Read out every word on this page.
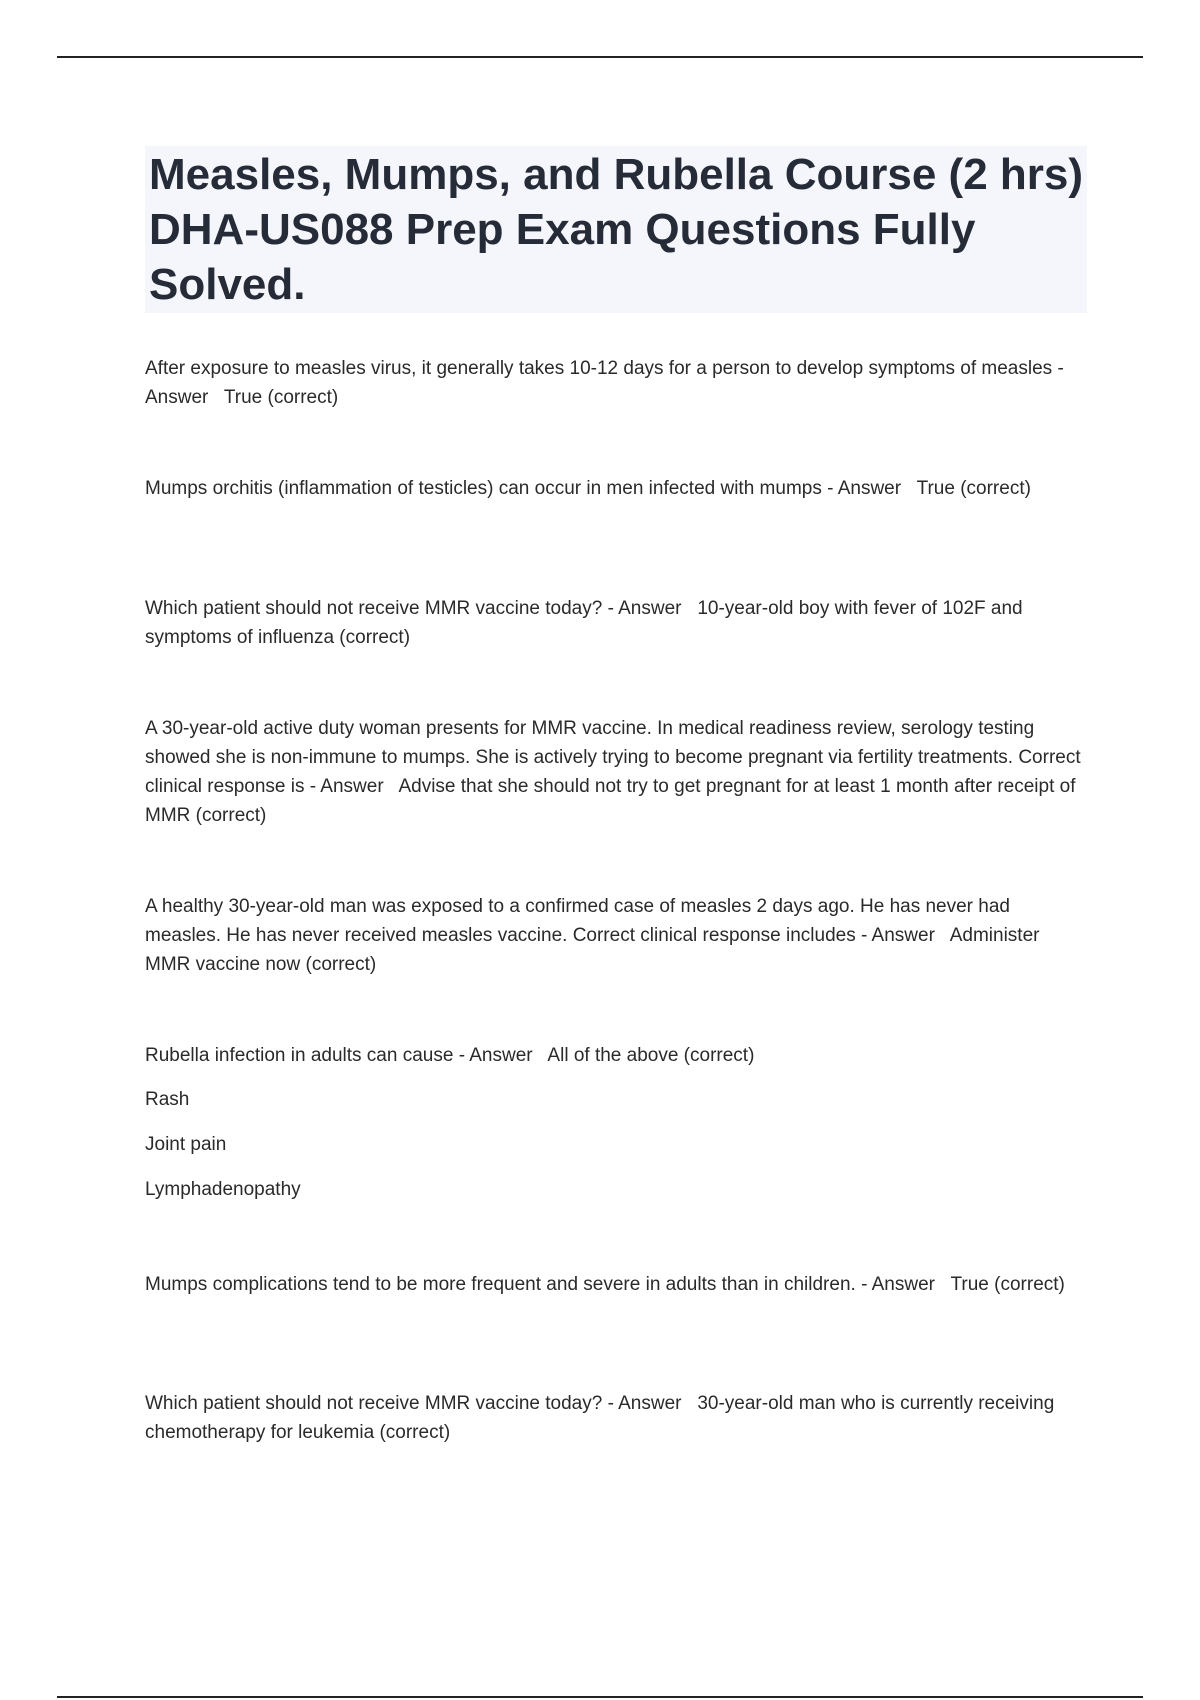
Measles, Mumps, and Rubella Course (2 hrs) DHA-US088 Prep Exam Questions Fully Solved.

After exposure to measles virus, it generally takes 10-12 days for a person to develop symptoms of measles - Answer True (correct)

Mumps orchitis (inflammation of testicles) can occur in men infected with mumps - Answer True (correct)

Which patient should not receive MMR vaccine today? - Answer 10-year-old boy with fever of 102F and symptoms of influenza (correct)

A 30-year-old active duty woman presents for MMR vaccine. In medical readiness review, serology testing showed she is non-immune to mumps. She is actively trying to become pregnant via fertility treatments. Correct clinical response is - Answer Advise that she should not try to get pregnant for at least 1 month after receipt of MMR (correct)

A healthy 30-year-old man was exposed to a confirmed case of measles 2 days ago. He has never had measles. He has never received measles vaccine. Correct clinical response includes - Answer Administer MMR vaccine now (correct)

Rubella infection in adults can cause - Answer All of the above (correct)

Rash

Joint pain

Lymphadenopathy

Mumps complications tend to be more frequent and severe in adults than in children. - Answer True (correct)

Which patient should not receive MMR vaccine today? - Answer 30-year-old man who is currently receiving chemotherapy for leukemia (correct)
